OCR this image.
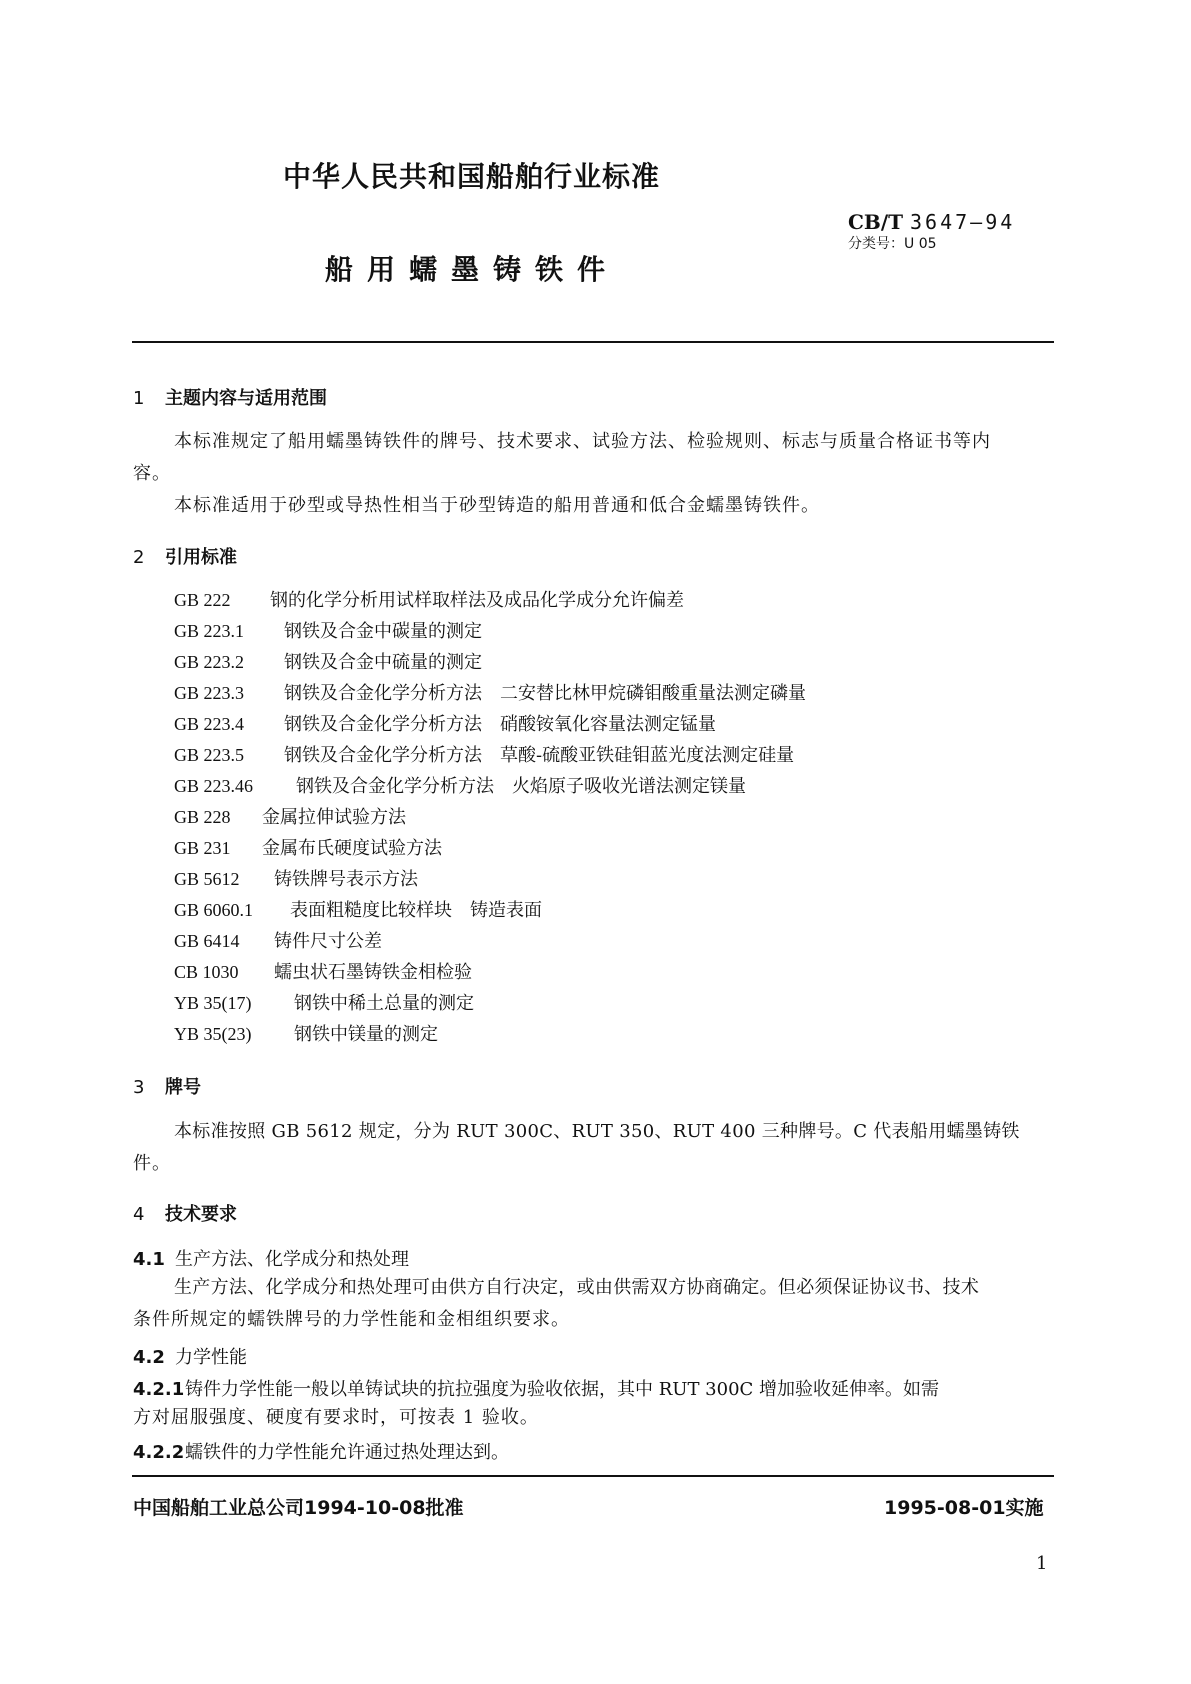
中华人民共和国船舶行业标准
船用蠕墨铸铁件
CB/T 3647—94
分类号：U 05
1 主题内容与适用范围
本标准规定了船用蠕墨铸铁件的牌号、技术要求、试验方法、检验规则、标志与质量合格证书等内
容。
本标准适用于砂型或导热性相当于砂型铸造的船用普通和低合金蠕墨铸铁件。
2 引用标准
GB 222 钢的化学分析用试样取样法及成品化学成分允许偏差
GB 223.1 钢铁及合金中碳量的测定
GB 223.2 钢铁及合金中硫量的测定
GB 223.3 钢铁及合金化学分析方法　二安替比林甲烷磷钼酸重量法测定磷量
GB 223.4 钢铁及合金化学分析方法　硝酸铵氧化容量法测定锰量
GB 223.5 钢铁及合金化学分析方法　草酸-硫酸亚铁硅钼蓝光度法测定硅量
GB 223.46 钢铁及合金化学分析方法　火焰原子吸收光谱法测定镁量
GB 228 金属拉伸试验方法
GB 231 金属布氏硬度试验方法
GB 5612 铸铁牌号表示方法
GB 6060.1 表面粗糙度比较样块　铸造表面
GB 6414 铸件尺寸公差
CB 1030 蠕虫状石墨铸铁金相检验
YB 35(17) 钢铁中稀土总量的测定
YB 35(23) 钢铁中镁量的测定
3 牌号
本标准按照 GB 5612 规定，分为 RUT 300C、RUT 350、RUT 400 三种牌号。C 代表船用蠕墨铸铁
件。
4 技术要求
4.1 生产方法、化学成分和热处理
生产方法、化学成分和热处理可由供方自行决定，或由供需双方协商确定。但必须保证协议书、技术
条件所规定的蠕铁牌号的力学性能和金相组织要求。
4.2 力学性能
4.2.1铸件力学性能一般以单铸试块的抗拉强度为验收依据，其中 RUT 300C 增加验收延伸率。如需
方对屈服强度、硬度有要求时，可按表 1 验收。
4.2.2蠕铁件的力学性能允许通过热处理达到。
中国船舶工业总公司1994-10-08批准	1995-08-01实施
1
